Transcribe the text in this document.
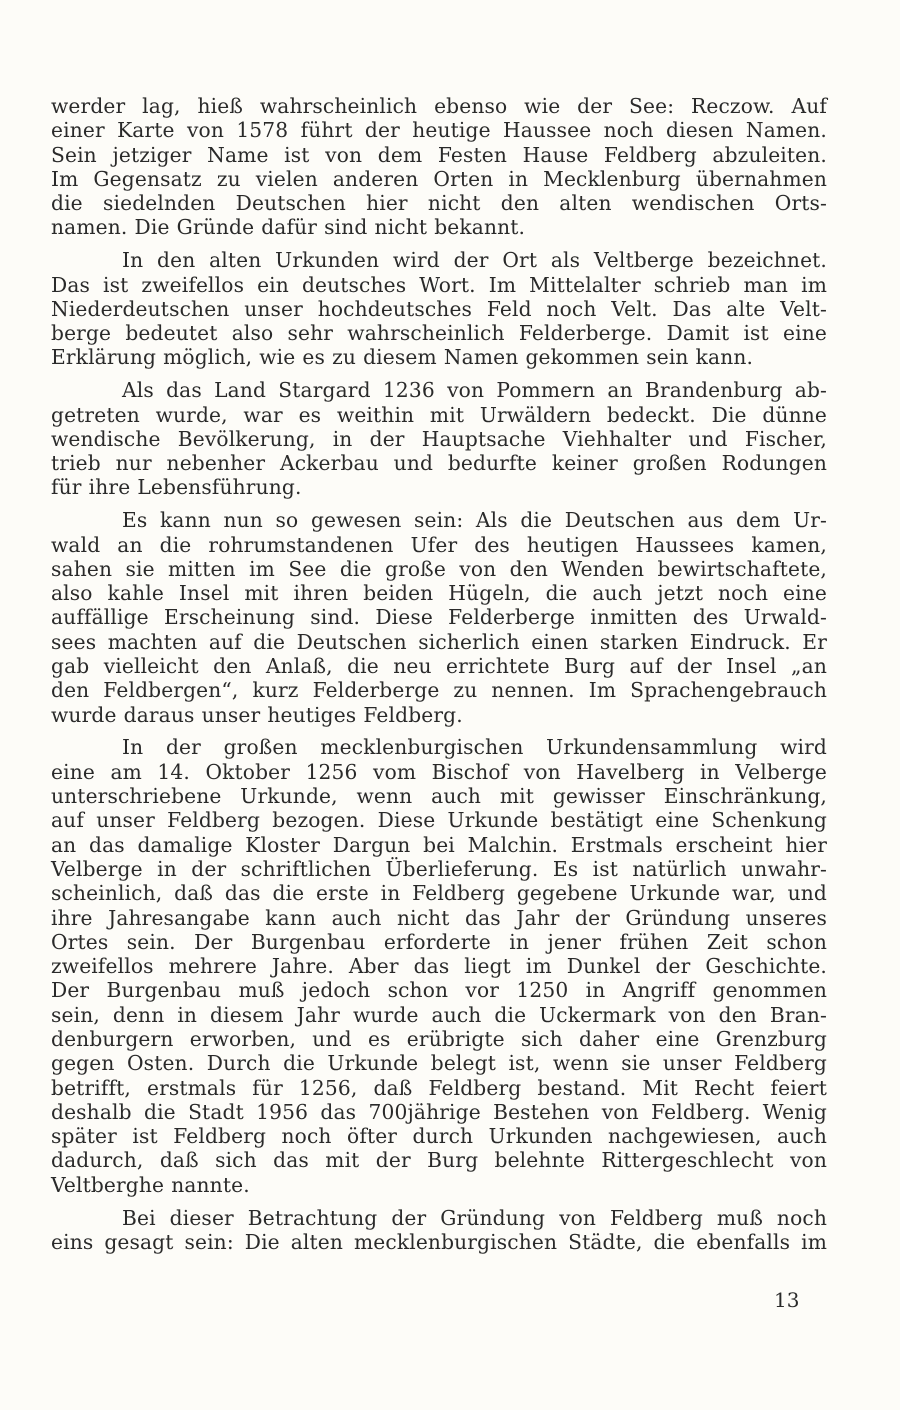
werder lag, hieß wahrscheinlich ebenso wie der See: Reczow. Auf
einer Karte von 1578 führt der heutige Haussee noch diesen Namen.
Sein jetziger Name ist von dem Festen Hause Feldberg abzuleiten.
Im Gegensatz zu vielen anderen Orten in Mecklenburg übernahmen
die siedelnden Deutschen hier nicht den alten wendischen Orts-
namen. Die Gründe dafür sind nicht bekannt.
In den alten Urkunden wird der Ort als Veltberge bezeichnet.
Das ist zweifellos ein deutsches Wort. Im Mittelalter schrieb man im
Niederdeutschen unser hochdeutsches Feld noch Velt. Das alte Velt-
berge bedeutet also sehr wahrscheinlich Felderberge. Damit ist eine
Erklärung möglich, wie es zu diesem Namen gekommen sein kann.
Als das Land Stargard 1236 von Pommern an Brandenburg ab-
getreten wurde, war es weithin mit Urwäldern bedeckt. Die dünne
wendische Bevölkerung, in der Hauptsache Viehhalter und Fischer,
trieb nur nebenher Ackerbau und bedurfte keiner großen Rodungen
für ihre Lebensführung.
Es kann nun so gewesen sein: Als die Deutschen aus dem Ur-
wald an die rohrumstandenen Ufer des heutigen Haussees kamen,
sahen sie mitten im See die große von den Wenden bewirtschaftete,
also kahle Insel mit ihren beiden Hügeln, die auch jetzt noch eine
auffällige Erscheinung sind. Diese Felderberge inmitten des Urwald-
sees machten auf die Deutschen sicherlich einen starken Eindruck. Er
gab vielleicht den Anlaß, die neu errichtete Burg auf der Insel „an
den Feldbergen“, kurz Felderberge zu nennen. Im Sprachengebrauch
wurde daraus unser heutiges Feldberg.
In der großen mecklenburgischen Urkundensammlung wird
eine am 14. Oktober 1256 vom Bischof von Havelberg in Velberge
unterschriebene Urkunde, wenn auch mit gewisser Einschränkung,
auf unser Feldberg bezogen. Diese Urkunde bestätigt eine Schenkung
an das damalige Kloster Dargun bei Malchin. Erstmals erscheint hier
Velberge in der schriftlichen Überlieferung. Es ist natürlich unwahr-
scheinlich, daß das die erste in Feldberg gegebene Urkunde war, und
ihre Jahresangabe kann auch nicht das Jahr der Gründung unseres
Ortes sein. Der Burgenbau erforderte in jener frühen Zeit schon
zweifellos mehrere Jahre. Aber das liegt im Dunkel der Geschichte.
Der Burgenbau muß jedoch schon vor 1250 in Angriff genommen
sein, denn in diesem Jahr wurde auch die Uckermark von den Bran-
denburgern erworben, und es erübrigte sich daher eine Grenzburg
gegen Osten. Durch die Urkunde belegt ist, wenn sie unser Feldberg
betrifft, erstmals für 1256, daß Feldberg bestand. Mit Recht feiert
deshalb die Stadt 1956 das 700jährige Bestehen von Feldberg. Wenig
später ist Feldberg noch öfter durch Urkunden nachgewiesen, auch
dadurch, daß sich das mit der Burg belehnte Rittergeschlecht von
Veltberghe nannte.
Bei dieser Betrachtung der Gründung von Feldberg muß noch
eins gesagt sein: Die alten mecklenburgischen Städte, die ebenfalls im
13
